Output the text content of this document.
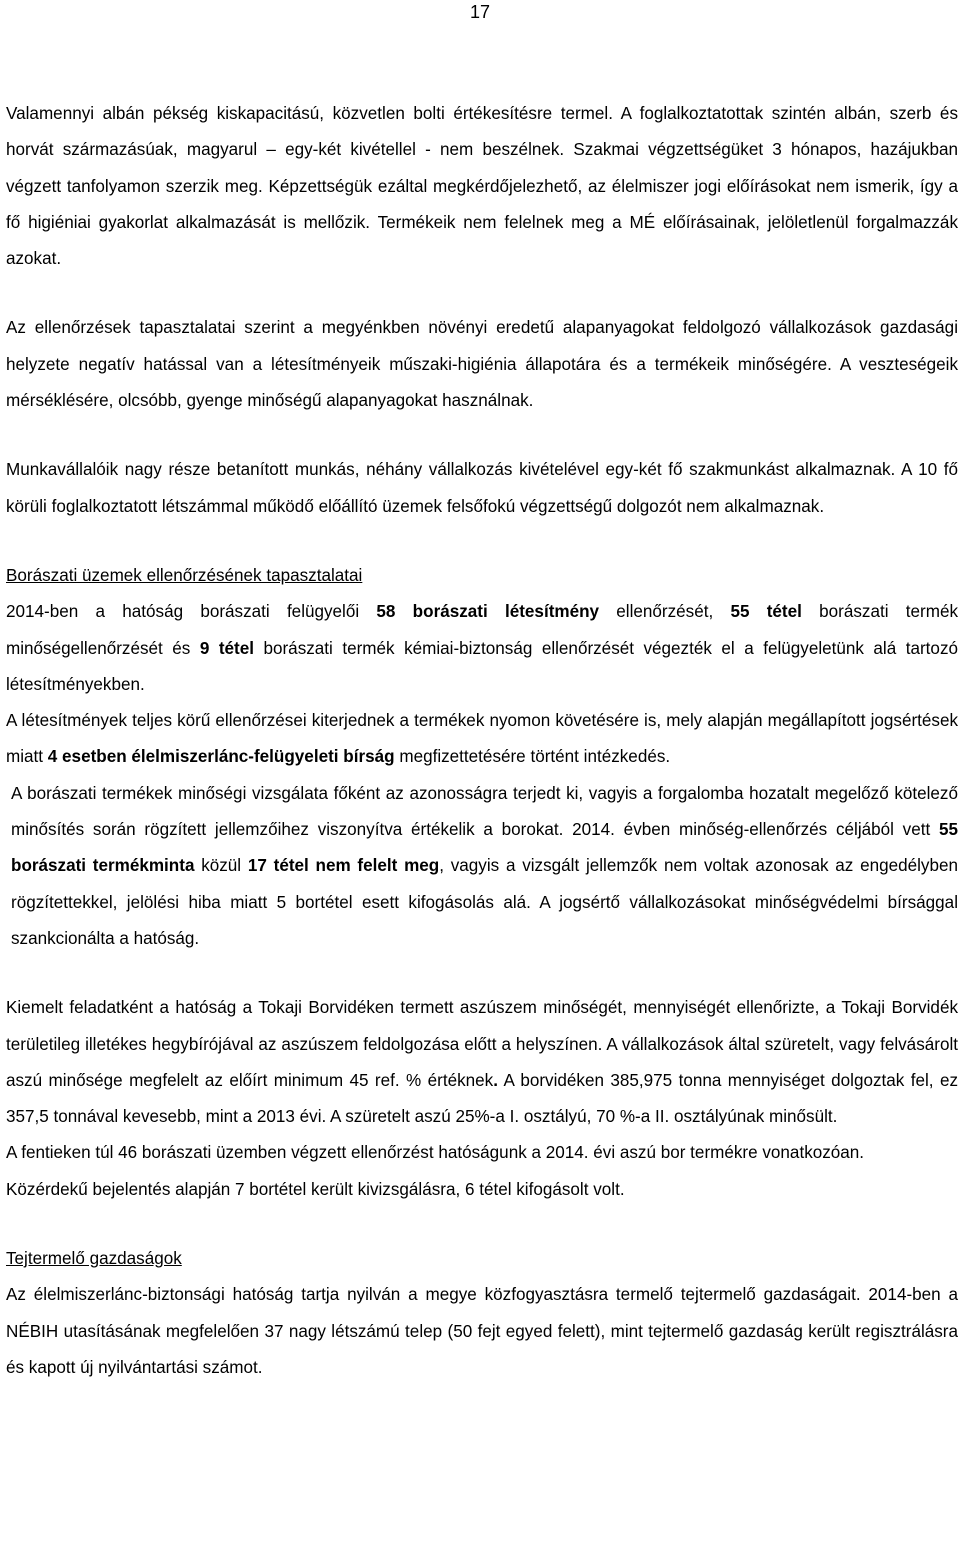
17

Valamennyi albán pékség kiskapacitású, közvetlen bolti értékesítésre termel. A foglalkoztatottak szintén albán, szerb és horvát származásúak, magyarul – egy-két kivétellel - nem beszélnek. Szakmai végzettségüket 3 hónapos, hazájukban végzett tanfolyamon szerzik meg. Képzettségük ezáltal megkérdőjelezhető, az élelmiszer jogi előírásokat nem ismerik, így a fő higiéniai gyakorlat alkalmazását is mellőzik. Termékeik nem felelnek meg a MÉ előírásainak, jelöletlenül forgalmazzák azokat.

Az ellenőrzések tapasztalatai szerint a megyénkben növényi eredetű alapanyagokat feldolgozó vállalkozások gazdasági helyzete negatív hatással van a létesítményeik műszaki-higiénia állapotára és a termékeik minőségére. A veszteségeik mérséklésére, olcsóbb, gyenge minőségű alapanyagokat használnak.

Munkavállalóik nagy része betanított munkás, néhány vállalkozás kivételével egy-két fő szakmunkást alkalmaznak. A 10 fő körüli foglalkoztatott létszámmal működő előállító üzemek felsőfokú végzettségű dolgozót nem alkalmaznak.

Borászati üzemek ellenőrzésének tapasztalatai

2014-ben a hatóság borászati felügyelői 58 borászati létesítmény ellenőrzését, 55 tétel borászati termék minőségellenőrzését és 9 tétel borászati termék kémiai-biztonság ellenőrzését végezték el a felügyeletünk alá tartozó létesítményekben.

A létesítmények teljes körű ellenőrzései kiterjednek a termékek nyomon követésére is, mely alapján megállapított jogsértések miatt 4 esetben élelmiszerlánc-felügyeleti bírság megfizettetésére történt intézkedés.

A borászati termékek minőségi vizsgálata főként az azonosságra terjedt ki, vagyis a forgalomba hozatalt megelőző kötelező minősítés során rögzített jellemzőihez viszonyítva értékelik a borokat. 2014. évben minőség-ellenőrzés céljából vett 55 borászati termékminta közül 17 tétel nem felelt meg, vagyis a vizsgált jellemzők nem voltak azonosak az engedélyben rögzítettekkel, jelölési hiba miatt 5 bortétel esett kifogásolás alá. A jogsértő vállalkozásokat minőségvédelmi bírsággal szankcionálta a hatóság.

Kiemelt feladatként a hatóság a Tokaji Borvidéken termett aszúszem minőségét, mennyiségét ellenőrizte, a Tokaji Borvidék területileg illetékes hegybírójával az aszúszem feldolgozása előtt a helyszínen. A vállalkozások által szüretelt, vagy felvásárolt aszú minősége megfelelt az előírt minimum 45 ref. % értéknek. A borvidéken 385,975 tonna mennyiséget dolgoztak fel, ez 357,5 tonnával kevesebb, mint a 2013 évi. A szüretelt aszú 25%-a I. osztályú, 70 %-a II. osztályúnak minősült.

A fentieken túl 46 borászati üzemben végzett ellenőrzést hatóságunk a 2014. évi aszú bor termékre vonatkozóan.

Közérdekű bejelentés alapján 7 bortétel került kivizsgálásra, 6 tétel kifogásolt volt.

Tejtermelő gazdaságok

Az élelmiszerlánc-biztonsági hatóság tartja nyilván a megye közfogyasztásra termelő tejtermelő gazdaságait. 2014-ben a NÉBIH utasításának megfelelően 37 nagy létszámú telep (50 fejt egyed felett), mint tejtermelő gazdaság került regisztrálásra és kapott új nyilvántartási számot.
